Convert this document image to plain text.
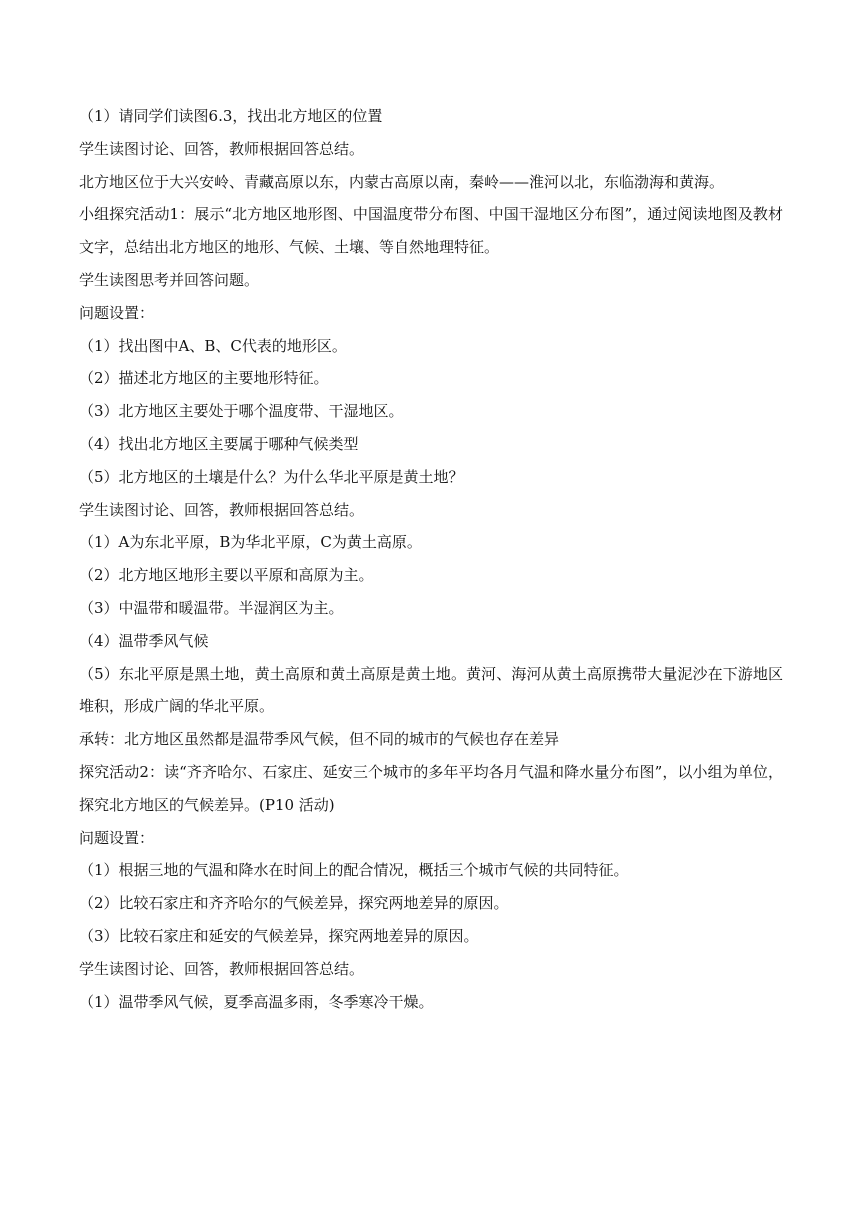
（1）请同学们读图6.3，找出北方地区的位置

学生读图讨论、回答，教师根据回答总结。

北方地区位于大兴安岭、青藏高原以东，内蒙古高原以南，秦岭——淮河以北，东临渤海和黄海。

小组探究活动1：展示“北方地区地形图、中国温度带分布图、中国干湿地区分布图”，通过阅读地图及教材文字，总结出北方地区的地形、气候、土壤、等自然地理特征。

学生读图思考并回答问题。

问题设置：

（1）找出图中A、B、C代表的地形区。

（2）描述北方地区的主要地形特征。

（3）北方地区主要处于哪个温度带、干湿地区。

（4）找出北方地区主要属于哪种气候类型

（5）北方地区的土壤是什么？为什么华北平原是黄土地？

学生读图讨论、回答，教师根据回答总结。

（1）A为东北平原，B为华北平原，C为黄土高原。

（2）北方地区地形主要以平原和高原为主。

（3）中温带和暖温带。半湿润区为主。

（4）温带季风气候

（5）东北平原是黑土地，黄土高原和黄土高原是黄土地。黄河、海河从黄土高原携带大量泥沙在下游地区堆积，形成广阔的华北平原。

承转：北方地区虽然都是温带季风气候，但不同的城市的气候也存在差异

探究活动2：读“齐齐哈尔、石家庄、延安三个城市的多年平均各月气温和降水量分布图”，以小组为单位，探究北方地区的气候差异。(P10 活动)

问题设置：

（1）根据三地的气温和降水在时间上的配合情况，概括三个城市气候的共同特征。

（2）比较石家庄和齐齐哈尔的气候差异，探究两地差异的原因。

（3）比较石家庄和延安的气候差异，探究两地差异的原因。

学生读图讨论、回答，教师根据回答总结。

（1）温带季风气候，夏季高温多雨，冬季寒冷干燥。
